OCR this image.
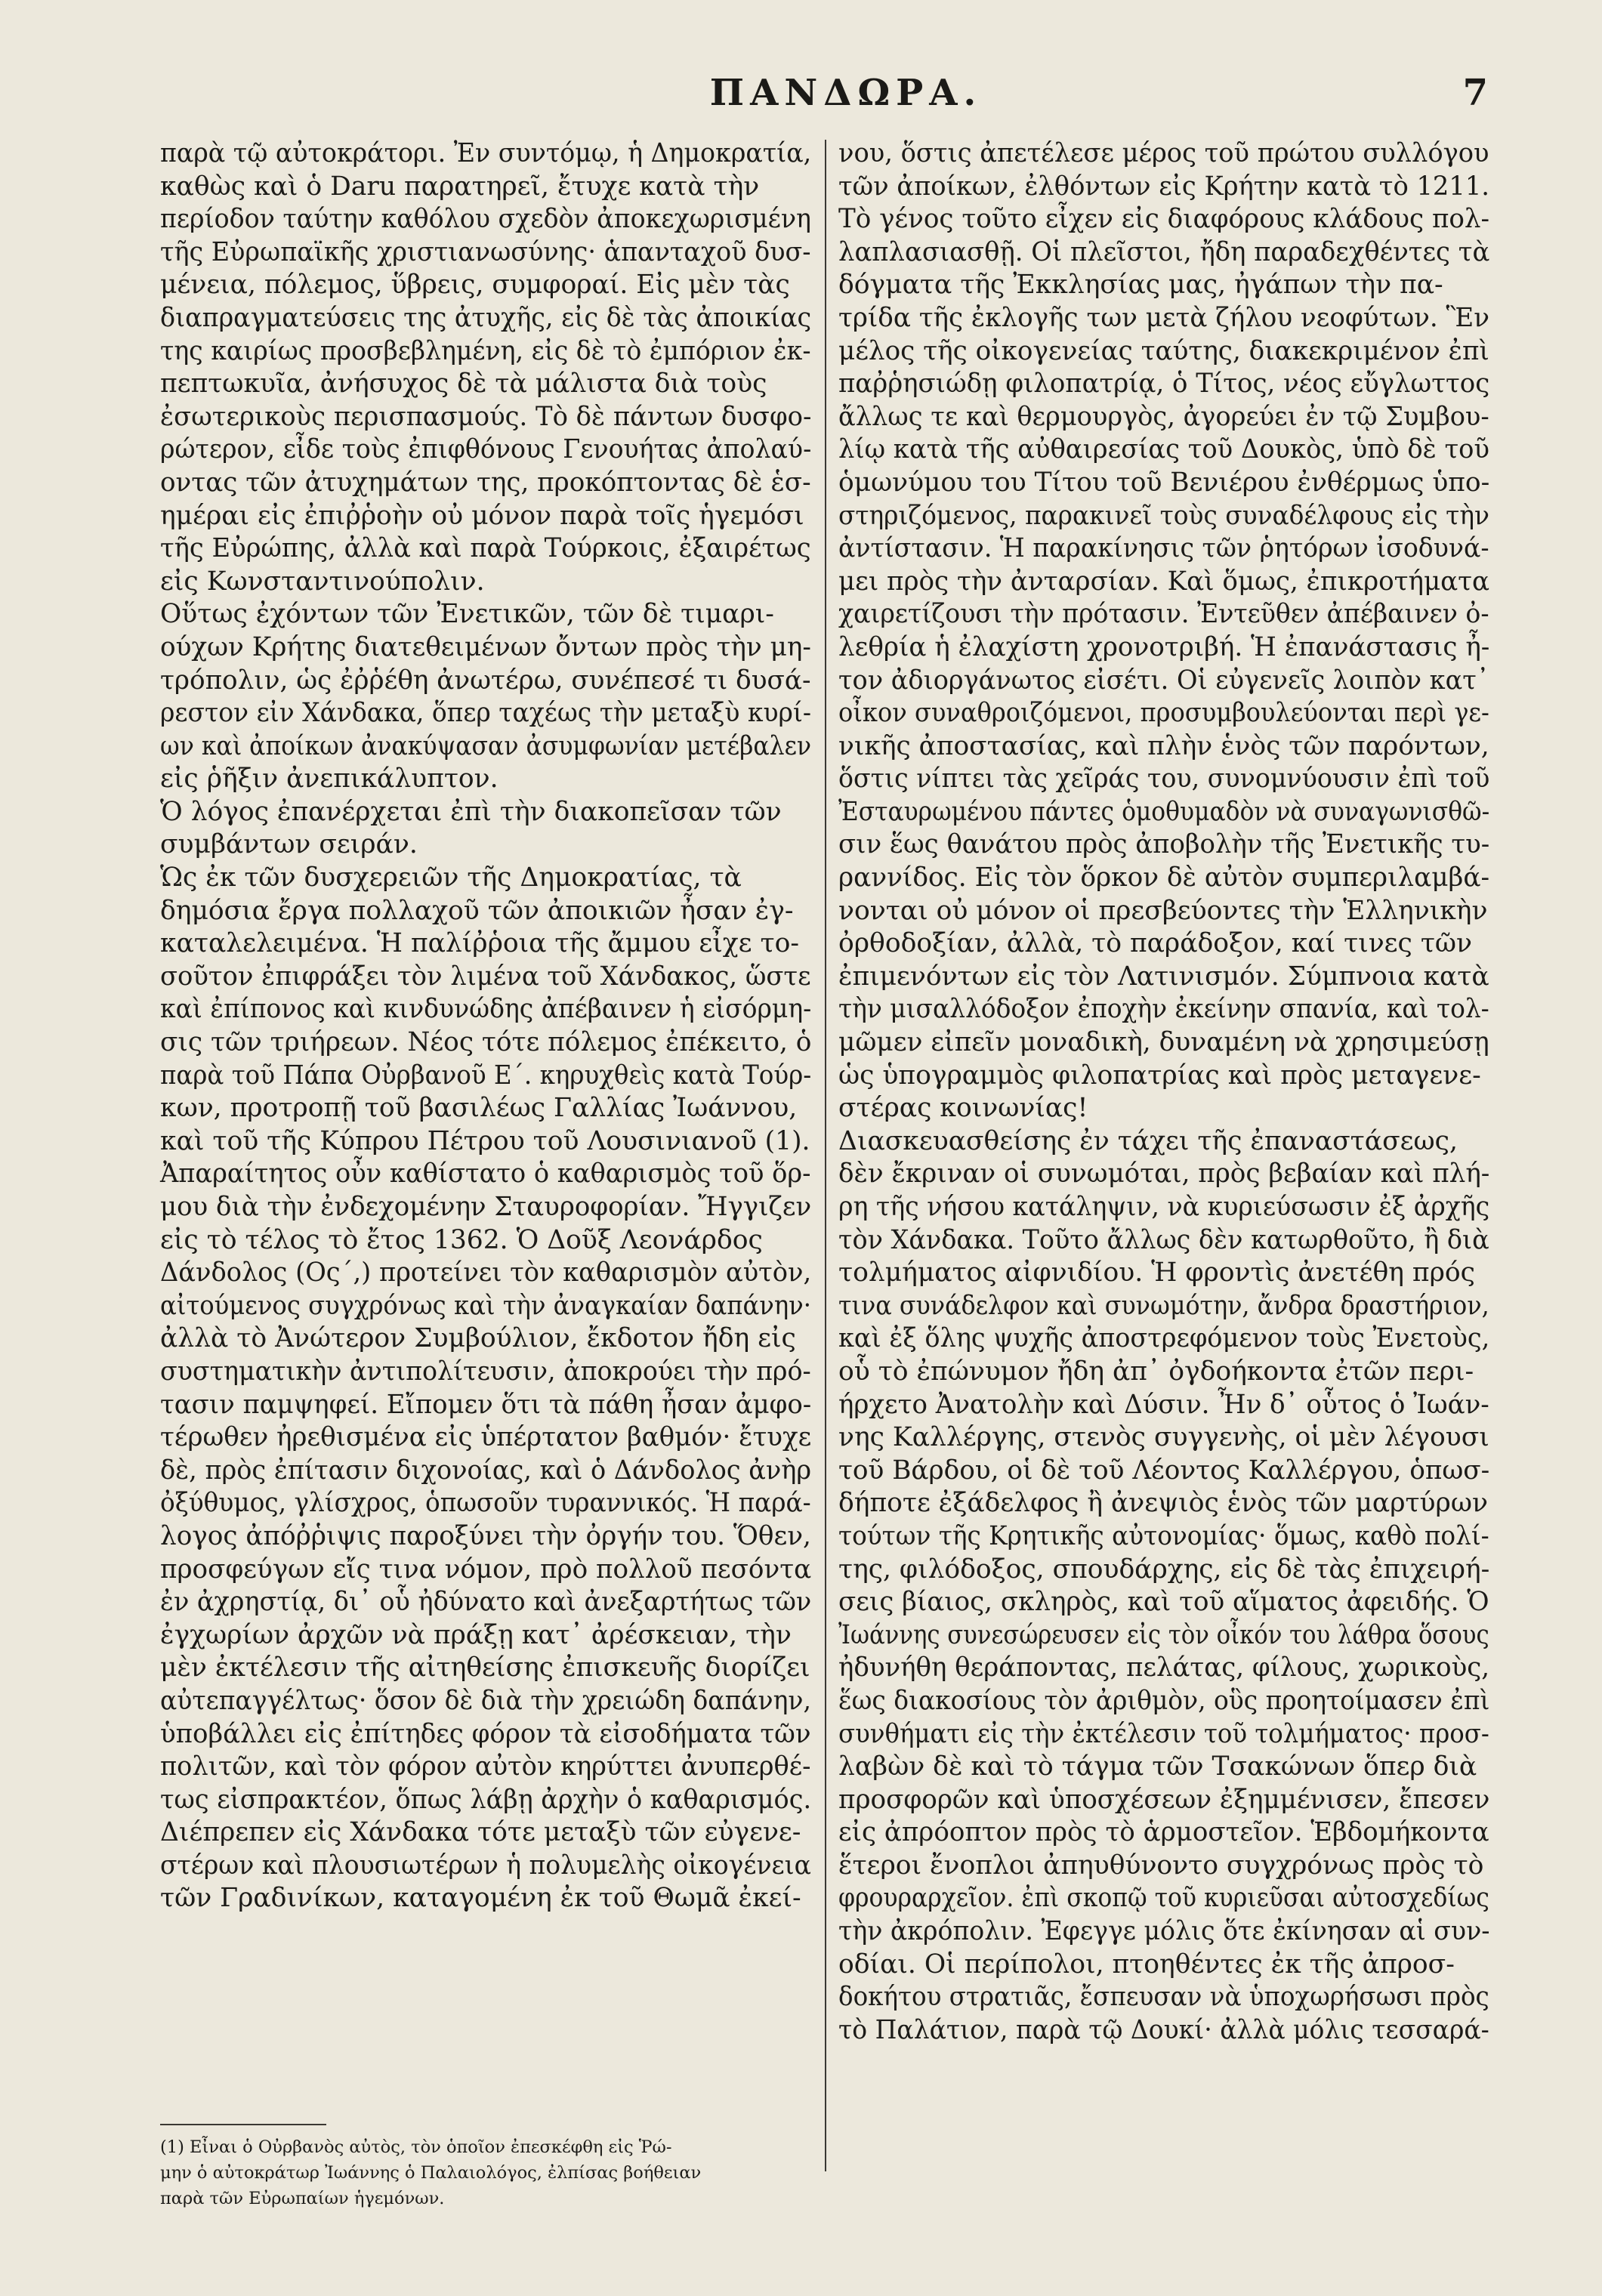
ΠΑΝΔΩΡΑ.	7
παρὰ τῷ αὐτοκράτορι. Ἐν συντόμῳ, ἡ Δημοκρατία,
καθὼς καὶ ὁ Daru παρατηρεῖ, ἔτυχε κατὰ τὴν
περίοδον ταύτην καθόλου σχεδὸν ἀποκεχωρισμένη
τῆς Εὐρωπαϊκῆς χριστιανωσύνης· ἁπανταχοῦ δυσ-
μένεια, πόλεμος, ὕβρεις, συμφοραί. Εἰς μὲν τὰς
διαπραγματεύσεις της ἀτυχῆς, εἰς δὲ τὰς ἀποικίας
της καιρίως προσβεβλημένη, εἰς δὲ τὸ ἐμπόριον ἐκ-
πεπτωκυῖα, ἀνήσυχος δὲ τὰ μάλιστα διὰ τοὺς
ἐσωτερικοὺς περισπασμούς. Τὸ δὲ πάντων δυσφο-
ρώτερον, εἶδε τοὺς ἐπιφθόνους Γενουήτας ἀπολαύ-
οντας τῶν ἀτυχημάτων της, προκόπτοντας δὲ ἑσ-
ημέραι εἰς ἐπιῤῥοὴν οὐ μόνον παρὰ τοῖς ἡγεμόσι
τῆς Εὐρώπης, ἀλλὰ καὶ παρὰ Τούρκοις, ἐξαιρέτως
εἰς Κωνσταντινούπολιν.
Οὕτως ἐχόντων τῶν Ἐνετικῶν, τῶν δὲ τιμαρι-
ούχων Κρήτης διατεθειμένων ὄντων πρὸς τὴν μη-
τρόπολιν, ὡς ἐῤῥέθη ἀνωτέρω, συνέπεσέ τι δυσά-
ρεστον εἰν Χάνδακα, ὅπερ ταχέως τὴν μεταξὺ κυρί-
ων καὶ ἀποίκων ἀνακύψασαν ἀσυμφωνίαν μετέβαλεν
εἰς ῥῆξιν ἀνεπικάλυπτον.
Ὁ λόγος ἐπανέρχεται ἐπὶ τὴν διακοπεῖσαν τῶν
συμβάντων σειράν.
Ὡς ἐκ τῶν δυσχερειῶν τῆς Δημοκρατίας, τὰ
δημόσια ἔργα πολλαχοῦ τῶν ἀποικιῶν ἦσαν ἐγ-
καταλελειμένα. Ἡ παλίῤῥοια τῆς ἄμμου εἶχε το-
σοῦτον ἐπιφράξει τὸν λιμένα τοῦ Χάνδακος, ὥστε
καὶ ἐπίπονος καὶ κινδυνώδης ἀπέβαινεν ἡ εἰσόρμη-
σις τῶν τριήρεων. Νέος τότε πόλεμος ἐπέκειτο, ὁ
παρὰ τοῦ Πάπα Οὐρβανοῦ Ε΄. κηρυχθεὶς κατὰ Τούρ-
κων, προτροπῇ τοῦ βασιλέως Γαλλίας Ἰωάννου,
καὶ τοῦ τῆς Κύπρου Πέτρου τοῦ Λουσινιανοῦ (1).
Ἀπαραίτητος οὖν καθίστατο ὁ καθαρισμὸς τοῦ ὅρ-
μου διὰ τὴν ἐνδεχομένην Σταυροφορίαν. Ἤγγιζεν
εἰς τὸ τέλος τὸ ἔτος 1362. Ὁ Δοῦξ Λεονάρδος
Δάνδολος (Ος΄,) προτείνει τὸν καθαρισμὸν αὐτὸν,
αἰτούμενος συγχρόνως καὶ τὴν ἀναγκαίαν δαπάνην·
ἀλλὰ τὸ Ἀνώτερον Συμβούλιον, ἔκδοτον ἤδη εἰς
συστηματικὴν ἀντιπολίτευσιν, ἀποκρούει τὴν πρό-
τασιν παμψηφεί. Εἴπομεν ὅτι τὰ πάθη ἦσαν ἀμφο-
τέρωθεν ἠρεθισμένα εἰς ὑπέρτατον βαθμόν· ἔτυχε
δὲ, πρὸς ἐπίτασιν διχονοίας, καὶ ὁ Δάνδολος ἀνὴρ
ὀξύθυμος, γλίσχρος, ὁπωσοῦν τυραννικός. Ἡ παρά-
λογος ἀπόῤῥιψις παροξύνει τὴν ὀργήν του. Ὅθεν,
προσφεύγων εἴς τινα νόμον, πρὸ πολλοῦ πεσόντα
ἐν ἀχρηστίᾳ, δι᾽ οὗ ἠδύνατο καὶ ἀνεξαρτήτως τῶν
ἐγχωρίων ἀρχῶν νὰ πράξῃ κατ᾽ ἀρέσκειαν, τὴν
μὲν ἐκτέλεσιν τῆς αἰτηθείσης ἐπισκευῆς διορίζει
αὐτεπαγγέλτως· ὅσον δὲ διὰ τὴν χρειώδη δαπάνην,
ὑποβάλλει εἰς ἐπίτηδες φόρον τὰ εἰσοδήματα τῶν
πολιτῶν, καὶ τὸν φόρον αὐτὸν κηρύττει ἀνυπερθέ-
τως εἰσπρακτέον, ὅπως λάβῃ ἀρχὴν ὁ καθαρισμός.
Διέπρεπεν εἰς Χάνδακα τότε μεταξὺ τῶν εὐγενε-
στέρων καὶ πλουσιωτέρων ἡ πολυμελὴς οἰκογένεια
τῶν Γραδινίκων, καταγομένη ἐκ τοῦ Θωμᾶ ἐκεί-
νου, ὅστις ἀπετέλεσε μέρος τοῦ πρώτου συλλόγου
τῶν ἀποίκων, ἐλθόντων εἰς Κρήτην κατὰ τὸ 1211.
Τὸ γένος τοῦτο εἶχεν εἰς διαφόρους κλάδους πολ-
λαπλασιασθῇ. Οἱ πλεῖστοι, ἤδη παραδεχθέντες τὰ
δόγματα τῆς Ἐκκλησίας μας, ἠγάπων τὴν πα-
τρίδα τῆς ἐκλογῆς των μετὰ ζήλου νεοφύτων. Ἓν
μέλος τῆς οἰκογενείας ταύτης, διακεκριμένον ἐπὶ
παῤῥησιώδῃ φιλοπατρίᾳ, ὁ Τίτος, νέος εὔγλωττος
ἄλλως τε καὶ θερμουργὸς, ἀγορεύει ἐν τῷ Συμβου-
λίῳ κατὰ τῆς αὐθαιρεσίας τοῦ Δουκὸς, ὑπὸ δὲ τοῦ
ὁμωνύμου του Τίτου τοῦ Βενιέρου ἐνθέρμως ὑπο-
στηριζόμενος, παρακινεῖ τοὺς συναδέλφους εἰς τὴν
ἀντίστασιν. Ἡ παρακίνησις τῶν ῥητόρων ἰσοδυνά-
μει πρὸς τὴν ἀνταρσίαν. Καὶ ὅμως, ἐπικροτήματα
χαιρετίζουσι τὴν πρότασιν. Ἐντεῦθεν ἀπέβαινεν ὀ-
λεθρία ἡ ἐλαχίστη χρονοτριβή. Ἡ ἐπανάστασις ἦ-
τον ἀδιοργάνωτος εἰσέτι. Οἱ εὐγενεῖς λοιπὸν κατ᾽
οἶκον συναθροιζόμενοι, προσυμβουλεύονται περὶ γε-
νικῆς ἀποστασίας, καὶ πλὴν ἑνὸς τῶν παρόντων,
ὅστις νίπτει τὰς χεῖράς του, συνομνύουσιν ἐπὶ τοῦ
Ἐσταυρωμένου πάντες ὁμοθυμαδὸν νὰ συναγωνισθῶ-
σιν ἕως θανάτου πρὸς ἀποβολὴν τῆς Ἐνετικῆς τυ-
ραννίδος. Εἰς τὸν ὅρκον δὲ αὐτὸν συμπεριλαμβά-
νονται οὐ μόνον οἱ πρεσβεύοντες τὴν Ἑλληνικὴν
ὀρθοδοξίαν, ἀλλὰ, τὸ παράδοξον, καί τινες τῶν
ἐπιμενόντων εἰς τὸν Λατινισμόν. Σύμπνοια κατὰ
τὴν μισαλλόδοξον ἐποχὴν ἐκείνην σπανία, καὶ τολ-
μῶμεν εἰπεῖν μοναδικὴ, δυναμένη νὰ χρησιμεύσῃ
ὡς ὑπογραμμὸς φιλοπατρίας καὶ πρὸς μεταγενε-
στέρας κοινωνίας!
Διασκευασθείσης ἐν τάχει τῆς ἐπαναστάσεως,
δὲν ἔκριναν οἱ συνωμόται, πρὸς βεβαίαν καὶ πλή-
ρη τῆς νήσου κατάληψιν, νὰ κυριεύσωσιν ἐξ ἀρχῆς
τὸν Χάνδακα. Τοῦτο ἄλλως δὲν κατωρθοῦτο, ἢ διὰ
τολμήματος αἰφνιδίου. Ἡ φροντὶς ἀνετέθη πρός
τινα συνάδελφον καὶ συνωμότην, ἄνδρα δραστήριον,
καὶ ἐξ ὅλης ψυχῆς ἀποστρεφόμενον τοὺς Ἐνετοὺς,
οὗ τὸ ἐπώνυμον ἤδη ἀπ᾽ ὀγδοήκοντα ἐτῶν περι-
ήρχετο Ἀνατολὴν καὶ Δύσιν. Ἦν δ᾽ οὗτος ὁ Ἰωάν-
νης Καλλέργης, στενὸς συγγενὴς, οἱ μὲν λέγουσι
τοῦ Βάρδου, οἱ δὲ τοῦ Λέοντος Καλλέργου, ὁπωσ-
δήποτε ἐξάδελφος ἢ ἀνεψιὸς ἑνὸς τῶν μαρτύρων
τούτων τῆς Κρητικῆς αὐτονομίας· ὅμως, καθὸ πολί-
της, φιλόδοξος, σπουδάρχης, εἰς δὲ τὰς ἐπιχειρή-
σεις βίαιος, σκληρὸς, καὶ τοῦ αἵματος ἀφειδής. Ὁ
Ἰωάννης συνεσώρευσεν εἰς τὸν οἶκόν του λάθρα ὅσους
ἠδυνήθη θεράποντας, πελάτας, φίλους, χωρικοὺς,
ἕως διακοσίους τὸν ἀριθμὸν, οὓς προητοίμασεν ἐπὶ
συνθήματι εἰς τὴν ἐκτέλεσιν τοῦ τολμήματος· προσ-
λαβὼν δὲ καὶ τὸ τάγμα τῶν Τσακώνων ὅπερ διὰ
προσφορῶν καὶ ὑποσχέσεων ἐξημμένισεν, ἔπεσεν
εἰς ἀπρόοπτον πρὸς τὸ ἁρμοστεῖον. Ἑβδομήκοντα
ἕτεροι ἔνοπλοι ἀπηυθύνοντο συγχρόνως πρὸς τὸ
φρουραρχεῖον. ἐπὶ σκοπῷ τοῦ κυριεῦσαι αὐτοσχεδίως
τὴν ἀκρόπολιν. Ἐφεγγε μόλις ὅτε ἐκίνησαν αἱ συν-
οδίαι. Οἱ περίπολοι, πτοηθέντες ἐκ τῆς ἀπροσ-
δοκήτου στρατιᾶς, ἔσπευσαν νὰ ὑποχωρήσωσι πρὸς
τὸ Παλάτιον, παρὰ τῷ Δουκί· ἀλλὰ μόλις τεσσαρά-
(1) Εἶναι ὁ Οὐρβανὸς αὐτὸς, τὸν ὁποῖον ἐπεσκέφθη εἰς Ῥώ-
μην ὁ αὐτοκράτωρ Ἰωάννης ὁ Παλαιολόγος, ἐλπίσας βοήθειαν
παρὰ τῶν Εὐρωπαίων ἡγεμόνων.
